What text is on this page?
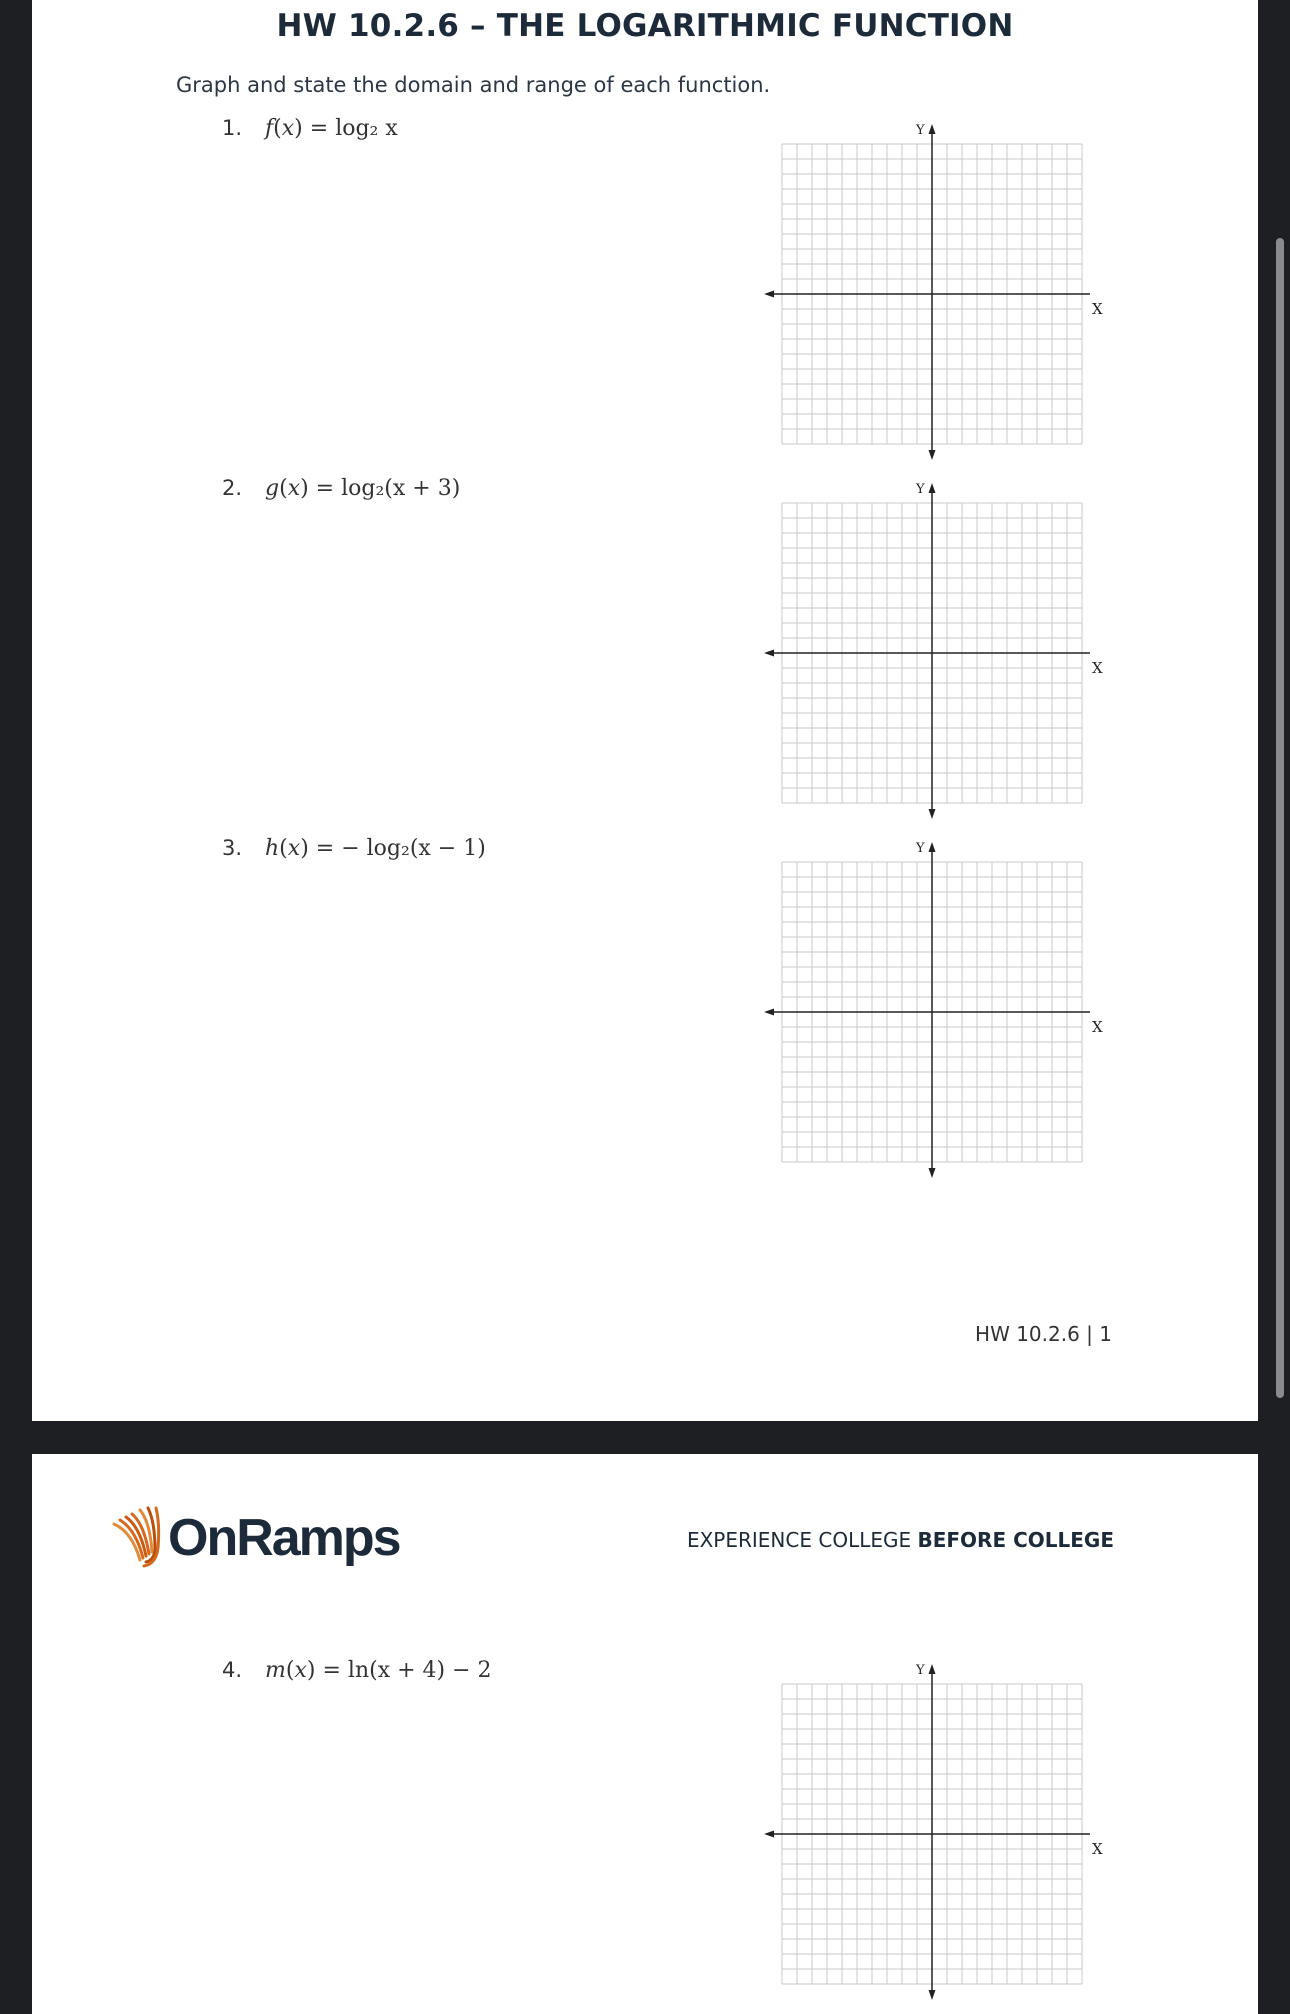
HW 10.2.6 – THE LOGARITHMIC FUNCTION
Graph and state the domain and range of each function.
1. f(x) = log₂ x
X
Y
2. g(x) = log₂(x + 3)
X
Y
3. h(x) = − log₂(x − 1)
X
Y
HW 10.2.6 | 1
OnRamps	EXPERIENCE COLLEGE BEFORE COLLEGE
4. m(x) = ln(x + 4) − 2
X
Y
